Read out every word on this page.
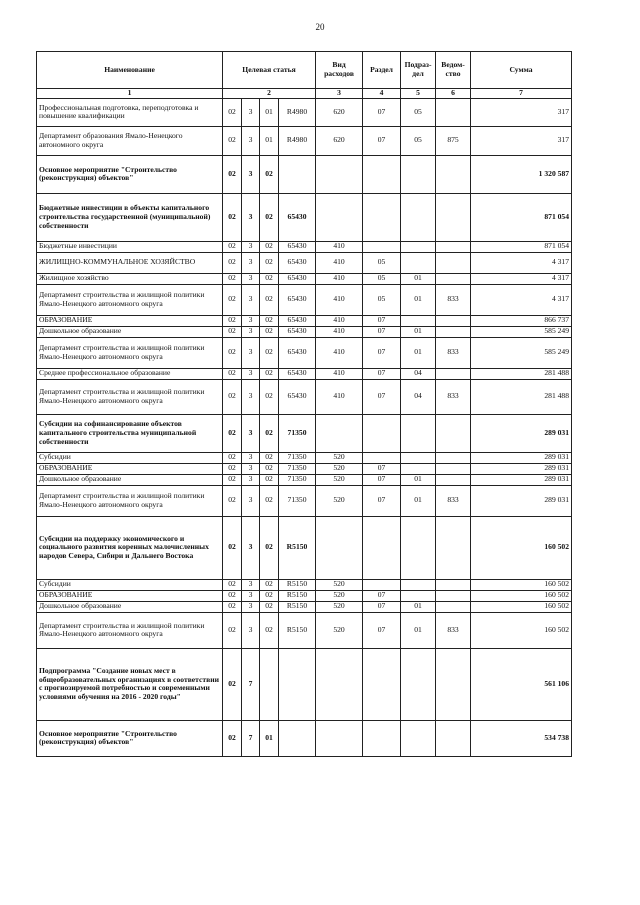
20
Наименование	Целевая статья				Вид расходов	Раздел	Подраз-дел	Ведом-ство	Сумма
1	2				3	4	5	6	7
Профессиональная подготовка, переподготовка и повышение квалификации	02	3	01	R4980	620	07	05		317
Департамент образования Ямало-Ненецкого автономного округа	02	3	01	R4980	620	07	05	875	317
Основное мероприятие "Строительство (реконструкция) объектов"	02	3	02						1 320 587
Бюджетные инвестиции в объекты капитального строительства государственной (муниципальной) собственности	02	3	02	65430					871 054
Бюджетные инвестиции	02	3	02	65430	410				871 054
ЖИЛИЩНО-КОММУНАЛЬНОЕ ХОЗЯЙСТВО	02	3	02	65430	410	05			4 317
Жилищное хозяйство	02	3	02	65430	410	05	01		4 317
Департамент строительства и жилищной политики Ямало-Ненецкого автономного округа	02	3	02	65430	410	05	01	833	4 317
ОБРАЗОВАНИЕ	02	3	02	65430	410	07			866 737
Дошкольное образование	02	3	02	65430	410	07	01		585 249
Департамент строительства и жилищной политики Ямало-Ненецкого автономного округа	02	3	02	65430	410	07	01	833	585 249
Среднее профессиональное образование	02	3	02	65430	410	07	04		281 488
Департамент строительства и жилищной политики Ямало-Ненецкого автономного округа	02	3	02	65430	410	07	04	833	281 488
Субсидии на софинансирование объектов капитального строительства муниципальной собственности	02	3	02	71350					289 031
Субсидии	02	3	02	71350	520				289 031
ОБРАЗОВАНИЕ	02	3	02	71350	520	07			289 031
Дошкольное образование	02	3	02	71350	520	07	01		289 031
Департамент строительства и жилищной политики Ямало-Ненецкого автономного округа	02	3	02	71350	520	07	01	833	289 031
Субсидии на поддержку экономического и социального развития коренных малочисленных народов Севера, Сибири и Дальнего Востока	02	3	02	R5150					160 502
Субсидии	02	3	02	R5150	520				160 502
ОБРАЗОВАНИЕ	02	3	02	R5150	520	07			160 502
Дошкольное образование	02	3	02	R5150	520	07	01		160 502
Департамент строительства и жилищной политики Ямало-Ненецкого автономного округа	02	3	02	R5150	520	07	01	833	160 502
Подпрограмма "Создание новых мест в общеобразовательных организациях в соответствии с прогнозируемой потребностью и современными условиями обучения на 2016 - 2020 годы"	02	7							561 106
Основное мероприятие "Строительство (реконструкция) объектов"	02	7	01						534 738
